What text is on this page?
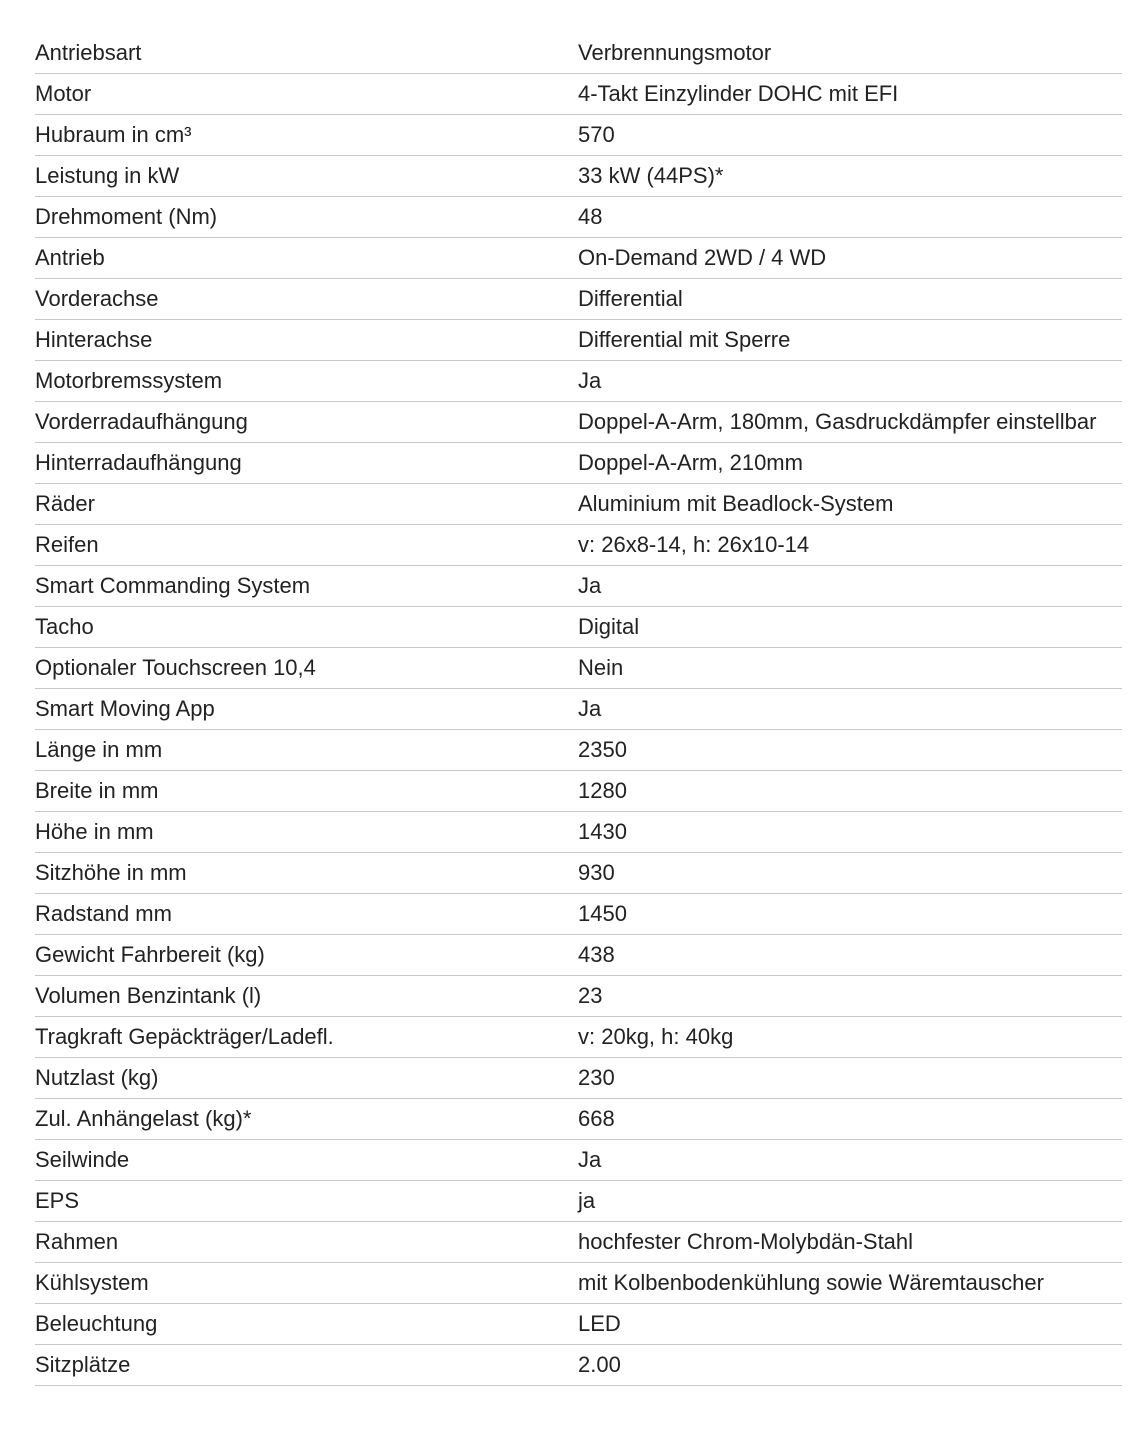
Antriebsart	Verbrennungsmotor
Motor	4-Takt Einzylinder DOHC mit EFI
Hubraum in cm³	570
Leistung in kW	33 kW (44PS)*
Drehmoment (Nm)	48
Antrieb	On-Demand 2WD / 4 WD
Vorderachse	Differential
Hinterachse	Differential mit Sperre
Motorbremssystem	Ja
Vorderradaufhängung	Doppel-A-Arm, 180mm, Gasdruckdämpfer einstellbar
Hinterradaufhängung	Doppel-A-Arm, 210mm
Räder	Aluminium mit Beadlock-System
Reifen	v: 26x8-14, h: 26x10-14
Smart Commanding System	Ja
Tacho	Digital
Optionaler Touchscreen 10,4	Nein
Smart Moving App	Ja
Länge in mm	2350
Breite in mm	1280
Höhe in mm	1430
Sitzhöhe in mm	930
Radstand mm	1450
Gewicht Fahrbereit (kg)	438
Volumen Benzintank (l)	23
Tragkraft Gepäckträger/Ladefl.	v: 20kg, h: 40kg
Nutzlast (kg)	230
Zul. Anhängelast (kg)*	668
Seilwinde	Ja
EPS	ja
Rahmen	hochfester Chrom-Molybdän-Stahl
Kühlsystem	mit Kolbenbodenkühlung sowie Wäremtauscher
Beleuchtung	LED
Sitzplätze	2.00
